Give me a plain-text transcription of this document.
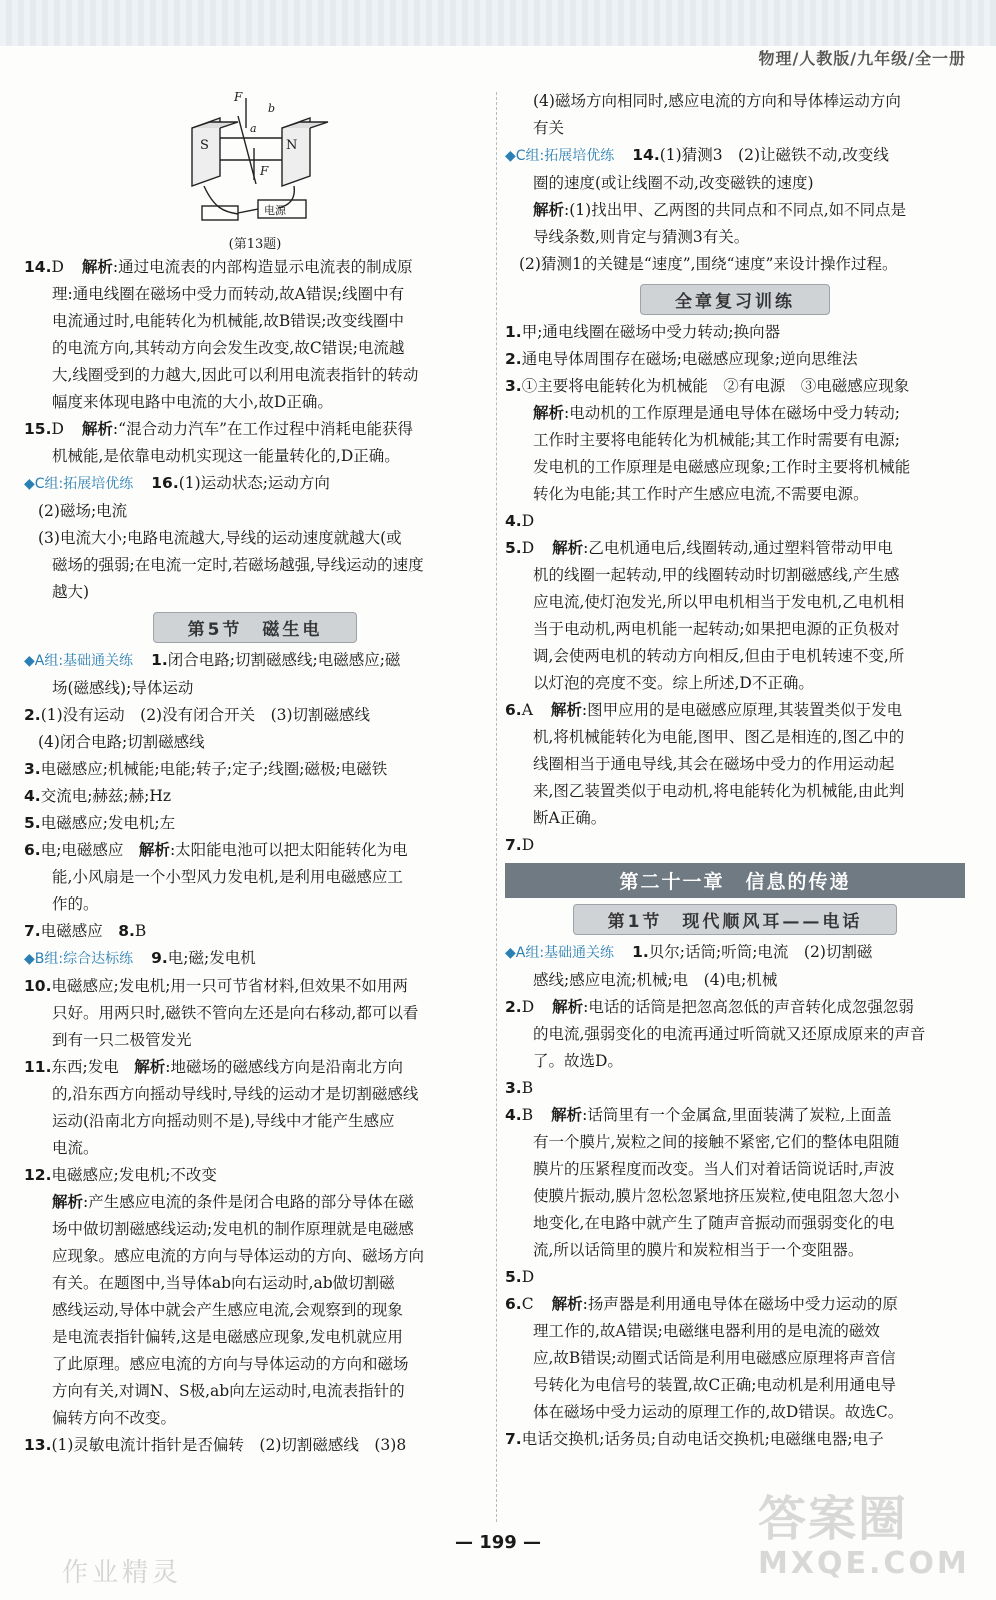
物理/人教版/九年级/全一册
S	N
F
F
a
b
电源
(第13题)
14.D 解析:通过电流表的内部构造显示电流表的制成原
理:通电线圈在磁场中受力而转动,故A错误;线圈中有
电流通过时,电能转化为机械能,故B错误;改变线圈中
的电流方向,其转动方向会发生改变,故C错误;电流越
大,线圈受到的力越大,因此可以利用电流表指针的转动
幅度来体现电路中电流的大小,故D正确。
15.D 解析:“混合动力汽车”在工作过程中消耗电能获得
机械能,是依靠电动机实现这一能量转化的,D正确。
◆C组:拓展培优练 16.(1)运动状态;运动方向
(2)磁场;电流
(3)电流大小;电路电流越大,导线的运动速度就越大(或
磁场的强弱;在电流一定时,若磁场越强,导线运动的速度
越大)
第5节　磁生电
◆A组:基础通关练 1.闭合电路;切割磁感线;电磁感应;磁
场(磁感线);导体运动
2.(1)没有运动　(2)没有闭合开关　(3)切割磁感线
(4)闭合电路;切割磁感线
3.电磁感应;机械能;电能;转子;定子;线圈;磁极;电磁铁
4.交流电;赫兹;赫;Hz
5.电磁感应;发电机;左
6.电;电磁感应　解析:太阳能电池可以把太阳能转化为电
能,小风扇是一个小型风力发电机,是利用电磁感应工
作的。
7.电磁感应　8.B
◆B组:综合达标练 9.电;磁;发电机
10.电磁感应;发电机;用一只可节省材料,但效果不如用两
只好。用两只时,磁铁不管向左还是向右移动,都可以看
到有一只二极管发光
11.东西;发电　解析:地磁场的磁感线方向是沿南北方向
的,沿东西方向摇动导线时,导线的运动才是切割磁感线
运动(沿南北方向摇动则不是),导线中才能产生感应
电流。
12.电磁感应;发电机;不改变
解析:产生感应电流的条件是闭合电路的部分导体在磁
场中做切割磁感线运动;发电机的制作原理就是电磁感
应现象。感应电流的方向与导体运动的方向、磁场方向
有关。在题图中,当导体ab向右运动时,ab做切割磁
感线运动,导体中就会产生感应电流,会观察到的现象
是电流表指针偏转,这是电磁感应现象,发电机就应用
了此原理。感应电流的方向与导体运动的方向和磁场
方向有关,对调N、S极,ab向左运动时,电流表指针的
偏转方向不改变。
13.(1)灵敏电流计指针是否偏转　(2)切割磁感线　(3)8
(4)磁场方向相同时,感应电流的方向和导体棒运动方向
有关
◆C组:拓展培优练 14.(1)猜测3　(2)让磁铁不动,改变线
圈的速度(或让线圈不动,改变磁铁的速度)
解析:(1)找出甲、乙两图的共同点和不同点,如不同点是
导线条数,则肯定与猜测3有关。
(2)猜测1的关键是“速度”,围绕“速度”来设计操作过程。
全章复习训练
1.甲;通电线圈在磁场中受力转动;换向器
2.通电导体周围存在磁场;电磁感应现象;逆向思维法
3.①主要将电能转化为机械能　②有电源　③电磁感应现象
解析:电动机的工作原理是通电导体在磁场中受力转动;
工作时主要将电能转化为机械能;其工作时需要有电源;
发电机的工作原理是电磁感应现象;工作时主要将机械能
转化为电能;其工作时产生感应电流,不需要电源。
4.D
5.D 解析:乙电机通电后,线圈转动,通过塑料管带动甲电
机的线圈一起转动,甲的线圈转动时切割磁感线,产生感
应电流,使灯泡发光,所以甲电机相当于发电机,乙电机相
当于电动机,两电机能一起转动;如果把电源的正负极对
调,会使两电机的转动方向相反,但由于电机转速不变,所
以灯泡的亮度不变。综上所述,D不正确。
6.A 解析:图甲应用的是电磁感应原理,其装置类似于发电
机,将机械能转化为电能,图甲、图乙是相连的,图乙中的
线圈相当于通电导线,其会在磁场中受力的作用运动起
来,图乙装置类似于电动机,将电能转化为机械能,由此判
断A正确。
7.D
第二十一章　信息的传递
第1节　现代顺风耳——电话
◆A组:基础通关练 1.贝尔;话筒;听筒;电流　(2)切割磁
感线;感应电流;机械;电　(4)电;机械
2.D 解析:电话的话筒是把忽高忽低的声音转化成忽强忽弱
的电流,强弱变化的电流再通过听筒就又还原成原来的声音
了。故选D。
3.B
4.B 解析:话筒里有一个金属盒,里面装满了炭粒,上面盖
有一个膜片,炭粒之间的接触不紧密,它们的整体电阻随
膜片的压紧程度而改变。当人们对着话筒说话时,声波
使膜片振动,膜片忽松忽紧地挤压炭粒,使电阻忽大忽小
地变化,在电路中就产生了随声音振动而强弱变化的电
流,所以话筒里的膜片和炭粒相当于一个变阻器。
5.D
6.C 解析:扬声器是利用通电导体在磁场中受力运动的原
理工作的,故A错误;电磁继电器利用的是电流的磁效
应,故B错误;动圈式话筒是利用电磁感应原理将声音信
号转化为电信号的装置,故C正确;电动机是利用通电导
体在磁场中受力运动的原理工作的,故D错误。故选C。
7.电话交换机;话务员;自动电话交换机;电磁继电器;电子
— 199 —
作业精灵
答案圈
MXQE.COM
